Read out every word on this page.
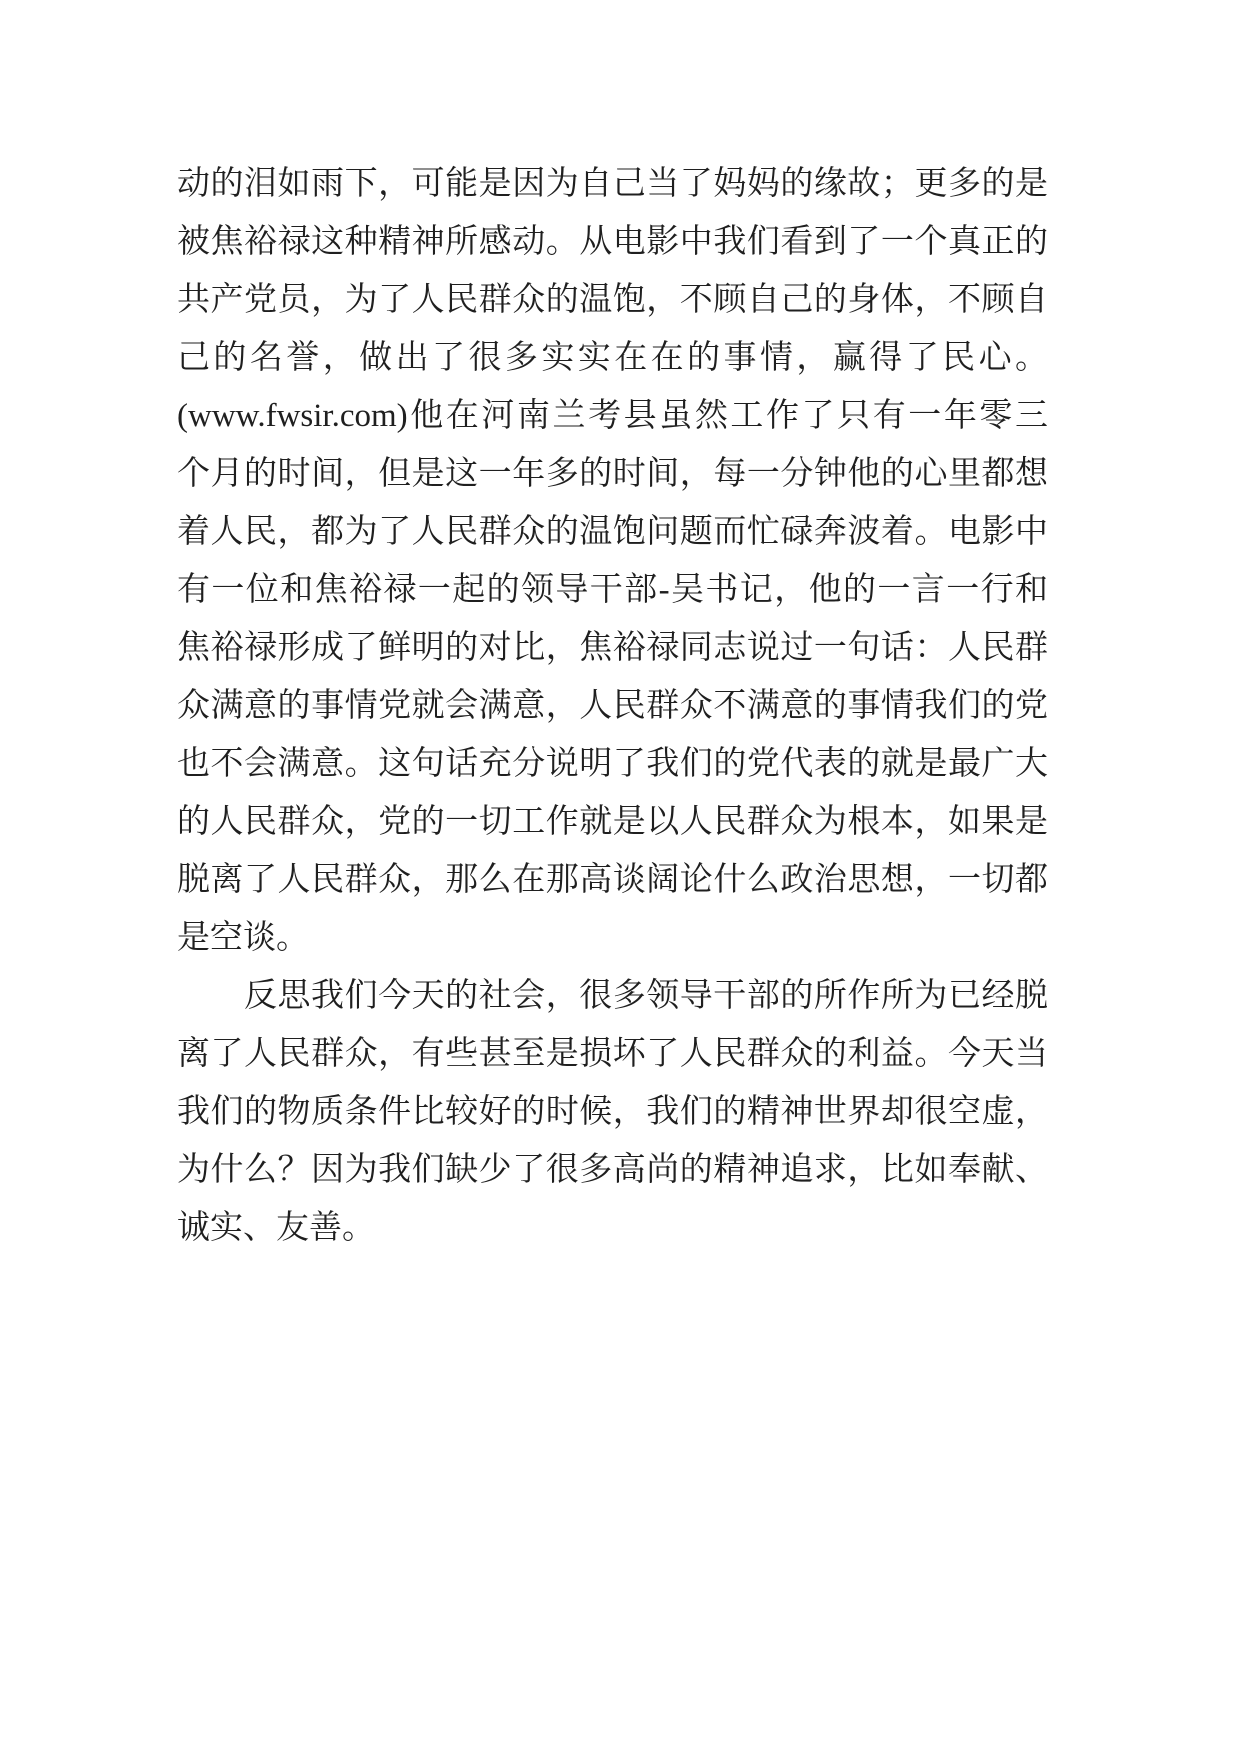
动的泪如雨下，可能是因为自己当了妈妈的缘故；更多的是
被焦裕禄这种精神所感动。从电影中我们看到了一个真正的
共产党员，为了人民群众的温饱，不顾自己的身体，不顾自
己的名誉，做出了很多实实在在的事情，赢得了民心。
(www.fwsir.com)他在河南兰考县虽然工作了只有一年零三
个月的时间，但是这一年多的时间，每一分钟他的心里都想
着人民，都为了人民群众的温饱问题而忙碌奔波着。电影中
有一位和焦裕禄一起的领导干部-吴书记，他的一言一行和
焦裕禄形成了鲜明的对比，焦裕禄同志说过一句话：人民群
众满意的事情党就会满意，人民群众不满意的事情我们的党
也不会满意。这句话充分说明了我们的党代表的就是最广大
的人民群众，党的一切工作就是以人民群众为根本，如果是
脱离了人民群众，那么在那高谈阔论什么政治思想，一切都
是空谈。
反思我们今天的社会，很多领导干部的所作所为已经脱
离了人民群众，有些甚至是损坏了人民群众的利益。今天当
我们的物质条件比较好的时候，我们的精神世界却很空虚，
为什么？因为我们缺少了很多高尚的精神追求，比如奉献、
诚实、友善。
